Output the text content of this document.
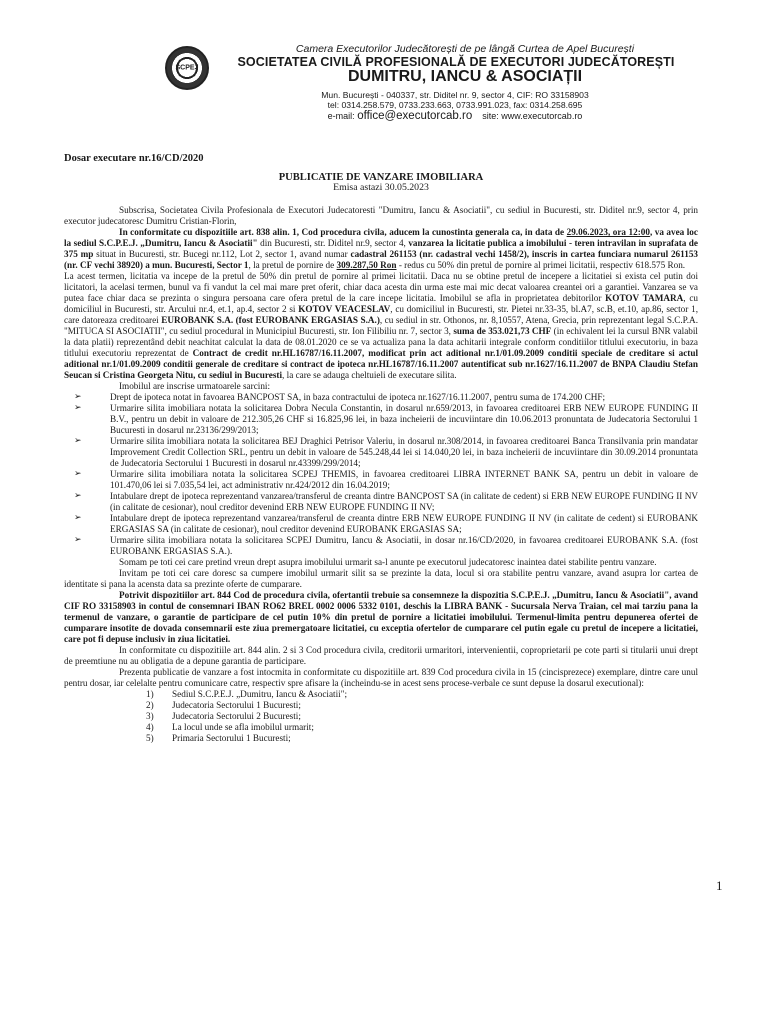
SCPEJ
Camera Executorilor Judecătorești de pe lângă Curtea de Apel București
SOCIETATEA CIVILĂ PROFESIONALĂ DE EXECUTORI JUDECĂTOREȘTI
DUMITRU, IANCU & ASOCIAȚII
Mun. București - 040337, str. Diditel nr. 9, sector 4, CIF: RO 33158903
tel: 0314.258.579, 0733.233.663, 0733.991.023, fax: 0314.258.695
e-mail: office@executorcab.ro site: www.executorcab.ro
Dosar executare nr.16/CD/2020
PUBLICATIE DE VANZARE IMOBILIARA
Emisa astazi 30.05.2023

Subscrisa, Societatea Civila Profesionala de Executori Judecatoresti "Dumitru, Iancu & Asociatii", cu sediul in Bucuresti, str. Diditel nr.9, sector 4, prin executor judecatoresc Dumitru Cristian-Florin,

In conformitate cu dispozitiile art. 838 alin. 1, Cod procedura civila, aducem la cunostinta generala ca, in data de 29.06.2023, ora 12:00, va avea loc la sediul S.C.P.E.J. „Dumitru, Iancu & Asociatii" din Bucuresti, str. Diditel nr.9, sector 4, vanzarea la licitatie publica a imobilului - teren intravilan in suprafata de 375 mp situat in Bucuresti, str. Bucegi nr.112, Lot 2, sector 1, avand numar cadastral 261153 (nr. cadastral vechi 1458/2), inscris in cartea funciara numarul 261153 (nr. CF vechi 38920) a mun. Bucuresti, Sector 1, la pretul de pornire de 309.287,50 Ron - redus cu 50% din pretul de pornire al primei licitatii, respectiv 618.575 Ron.
La acest termen, licitatia va incepe de la pretul de 50% din pretul de pornire al primei licitatii. Daca nu se obtine pretul de incepere a licitatiei si exista cel putin doi licitatori, la acelasi termen, bunul va fi vandut la cel mai mare pret oferit, chiar daca acesta din urma este mai mic decat valoarea creantei ori a garantiei. Vanzarea se va putea face chiar daca se prezinta o singura persoana care ofera pretul de la care incepe licitatia. Imobilul se afla in proprietatea debitorilor KOTOV TAMARA, cu domiciliul in Bucuresti, str. Arcului nr.4, et.1, ap.4, sector 2 si KOTOV VEACESLAV, cu domiciliul in Bucuresti, str. Pietei nr.33-35, bl.A7, sc.B, et.10, ap.86, sector 1, care datoreaza creditoarei EUROBANK S.A. (fost EUROBANK ERGASIAS S.A.), cu sediul in str. Othonos, nr. 8,10557, Atena, Grecia, prin reprezentant legal S.C.P.A. "MITUCA SI ASOCIATII", cu sediul procedural in Municipiul Bucuresti, str. Ion Filibiliu nr. 7, sector 3, suma de 353.021,73 CHF (in echivalent lei la cursul BNR valabil la data platii) reprezentând debit neachitat calculat la data de 08.01.2020 ce se va actualiza pana la data achitarii integrale conform conditiilor titlului executoriu, in baza titlului executoriu reprezentat de Contract de credit nr.HL16787/16.11.2007, modificat prin act aditional nr.1/01.09.2009 conditii speciale de creditare si actul aditional nr.1/01.09.2009 conditii generale de creditare si contract de ipoteca nr.HL16787/16.11.2007 autentificat sub nr.1627/16.11.2007 de BNPA Claudiu Stefan Seucan si Cristina Georgeta Nitu, cu sediul in Bucuresti, la care se adauga cheltuieli de executare silita.

Imobilul are inscrise urmatoarele sarcini:

➢	Drept de ipoteca notat in favoarea BANCPOST SA, in baza contractului de ipoteca nr.1627/16.11.2007, pentru suma de 174.200 CHF;
➢	Urmarire silita imobiliara notata la solicitarea Dobra Necula Constantin, in dosarul nr.659/2013, in favoarea creditoarei ERB NEW EUROPE FUNDING II B.V., pentru un debit in valoare de 212.305,26 CHF si 16.825,96 lei, in baza incheierii de incuviintare din 10.06.2013 pronuntata de Judecatoria Sectorului 1 Bucuresti in dosarul nr.23136/299/2013;
➢	Urmarire silita imobiliara notata la solicitarea BEJ Draghici Petrisor Valeriu, in dosarul nr.308/2014, in favoarea creditoarei Banca Transilvania prin mandatar Improvement Credit Collection SRL, pentru un debit in valoare de 545.248,44 lei si 14.040,20 lei, in baza incheierii de incuviintare din 30.09.2014 pronuntata de Judecatoria Sectorului 1 Bucuresti in dosarul nr.43399/299/2014;
➢	Urmarire silita imobiliara notata la solicitarea SCPEJ THEMIS, in favoarea creditoarei LIBRA INTERNET BANK SA, pentru un debit in valoare de 101.470,06 lei si 7.035,54 lei, act administrativ nr.424/2012 din 16.04.2019;
➢	Intabulare drept de ipoteca reprezentand vanzarea/transferul de creanta dintre BANCPOST SA (in calitate de cedent) si ERB NEW EUROPE FUNDING II NV (in calitate de cesionar), noul creditor devenind ERB NEW EUROPE FUNDING II NV;
➢	Intabulare drept de ipoteca reprezentand vanzarea/transferul de creanta dintre ERB NEW EUROPE FUNDING II NV (in calitate de cedent) si EUROBANK ERGASIAS SA (in calitate de cesionar), noul creditor devenind EUROBANK ERGASIAS SA;
➢	Urmarire silita imobiliara notata la solicitarea SCPEJ Dumitru, Iancu & Asociatii, in dosar nr.16/CD/2020, in favoarea creditoarei EUROBANK S.A. (fost EUROBANK ERGASIAS S.A.).

Somam pe toti cei care pretind vreun drept asupra imobilului urmarit sa-l anunte pe executorul judecatoresc inaintea datei stabilite pentru vanzare.

Invitam pe toti cei care doresc sa cumpere imobilul urmarit silit sa se prezinte la data, locul si ora stabilite pentru vanzare, avand asupra lor cartea de identitate si pana la acensta data sa prezinte oferte de cumparare.

Potrivit dispozitiilor art. 844 Cod de procedura civila, ofertantii trebuie sa consemneze la dispozitia S.C.P.E.J. „Dumitru, Iancu & Asociatii", avand CIF RO 33158903 in contul de consemnari IBAN RO62 BREL 0002 0006 5332 0101, deschis la LIBRA BANK - Sucursala Nerva Traian, cel mai tarziu pana la termenul de vanzare, o garantie de participare de cel putin 10% din pretul de pornire a licitatiei imobilului. Termenul-limita pentru depunerea ofertei de cumparare insotite de dovada consemnarii este ziua premergatoare licitatiei, cu exceptia ofertelor de cumparare cel putin egale cu pretul de incepere a licitatiei, care pot fi depuse inclusiv in ziua licitatiei.

In conformitate cu dispozitiile art. 844 alin. 2 si 3 Cod procedura civila, creditorii urmaritori, intervenientii, coproprietarii pe cote parti si titularii unui drept de preemtiune nu au obligatia de a depune garantia de participare.

Prezenta publicatie de vanzare a fost intocmita in conformitate cu dispozitiile art. 839 Cod procedura civila in 15 (cincisprezece) exemplare, dintre care unul pentru dosar, iar celelalte pentru comunicare catre, respectiv spre afisare la (incheindu-se in acest sens procese-verbale ce sunt depuse la dosarul executional):

1) Sediul S.C.P.E.J. „Dumitru, Iancu & Asociatii";
2) Judecatoria Sectorului 1 Bucuresti;
3) Judecatoria Sectorului 2 Bucuresti;
4) La locul unde se afla imobilul urmarit;
5) Primaria Sectorului 1 Bucuresti;
1
